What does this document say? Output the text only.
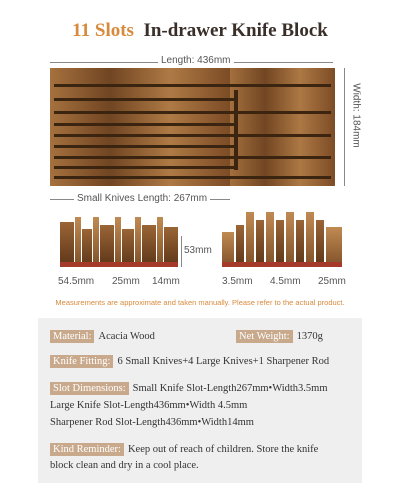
11 Slots In-drawer Knife Block
Length: 436mm
Width: 184mm
Small Knives Length: 267mm
53mm
54.5mm 25mm 14mm	3.5mm 4.5mm 25mm
Measurements are approximate and taken manually. Please refer to the actual product.
Material: Acacia Wood	Net Weight: 1370g
Knife Fitting: 6 Small Knives+4 Large Knives+1 Sharpener Rod
Slot Dimensions: Small Knife Slot-Length267mm•Width3.5mm
Large Knife Slot-Length436mm•Width 4.5mm
Sharpener Rod Slot-Length436mm•Width14mm
Kind Reminder: Keep out of reach of children. Store the knife
block clean and dry in a cool place.
